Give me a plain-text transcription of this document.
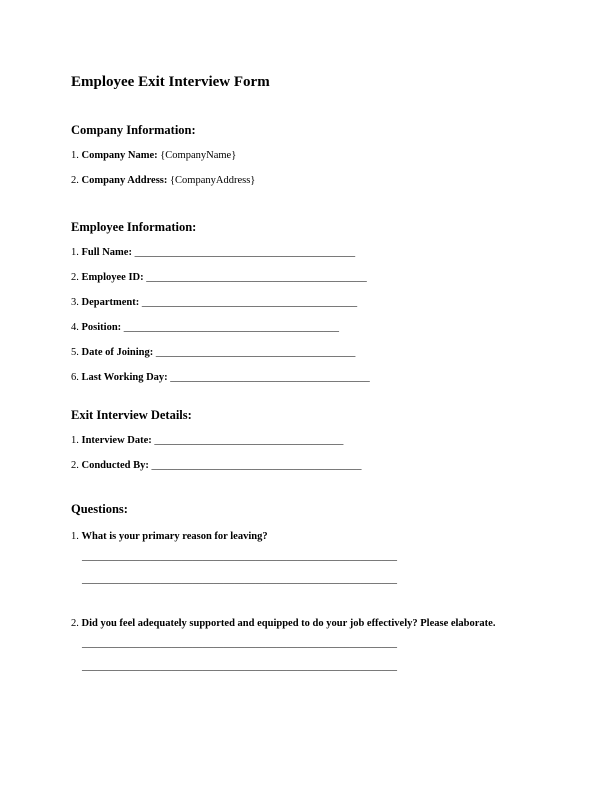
Employee Exit Interview Form

Company Information:

1. Company Name: {CompanyName}

2. Company Address: {CompanyAddress}

Employee Information:

1. Full Name: __________________________________________

2. Employee ID: __________________________________________

3. Department: _________________________________________

4. Position: _________________________________________

5. Date of Joining: ______________________________________

6. Last Working Day: ______________________________________

Exit Interview Details:

1. Interview Date: ____________________________________

2. Conducted By: ________________________________________

Questions:

1. What is your primary reason for leaving?

____________________________________________________________

____________________________________________________________

2. Did you feel adequately supported and equipped to do your job effectively? Please elaborate.

____________________________________________________________

____________________________________________________________
